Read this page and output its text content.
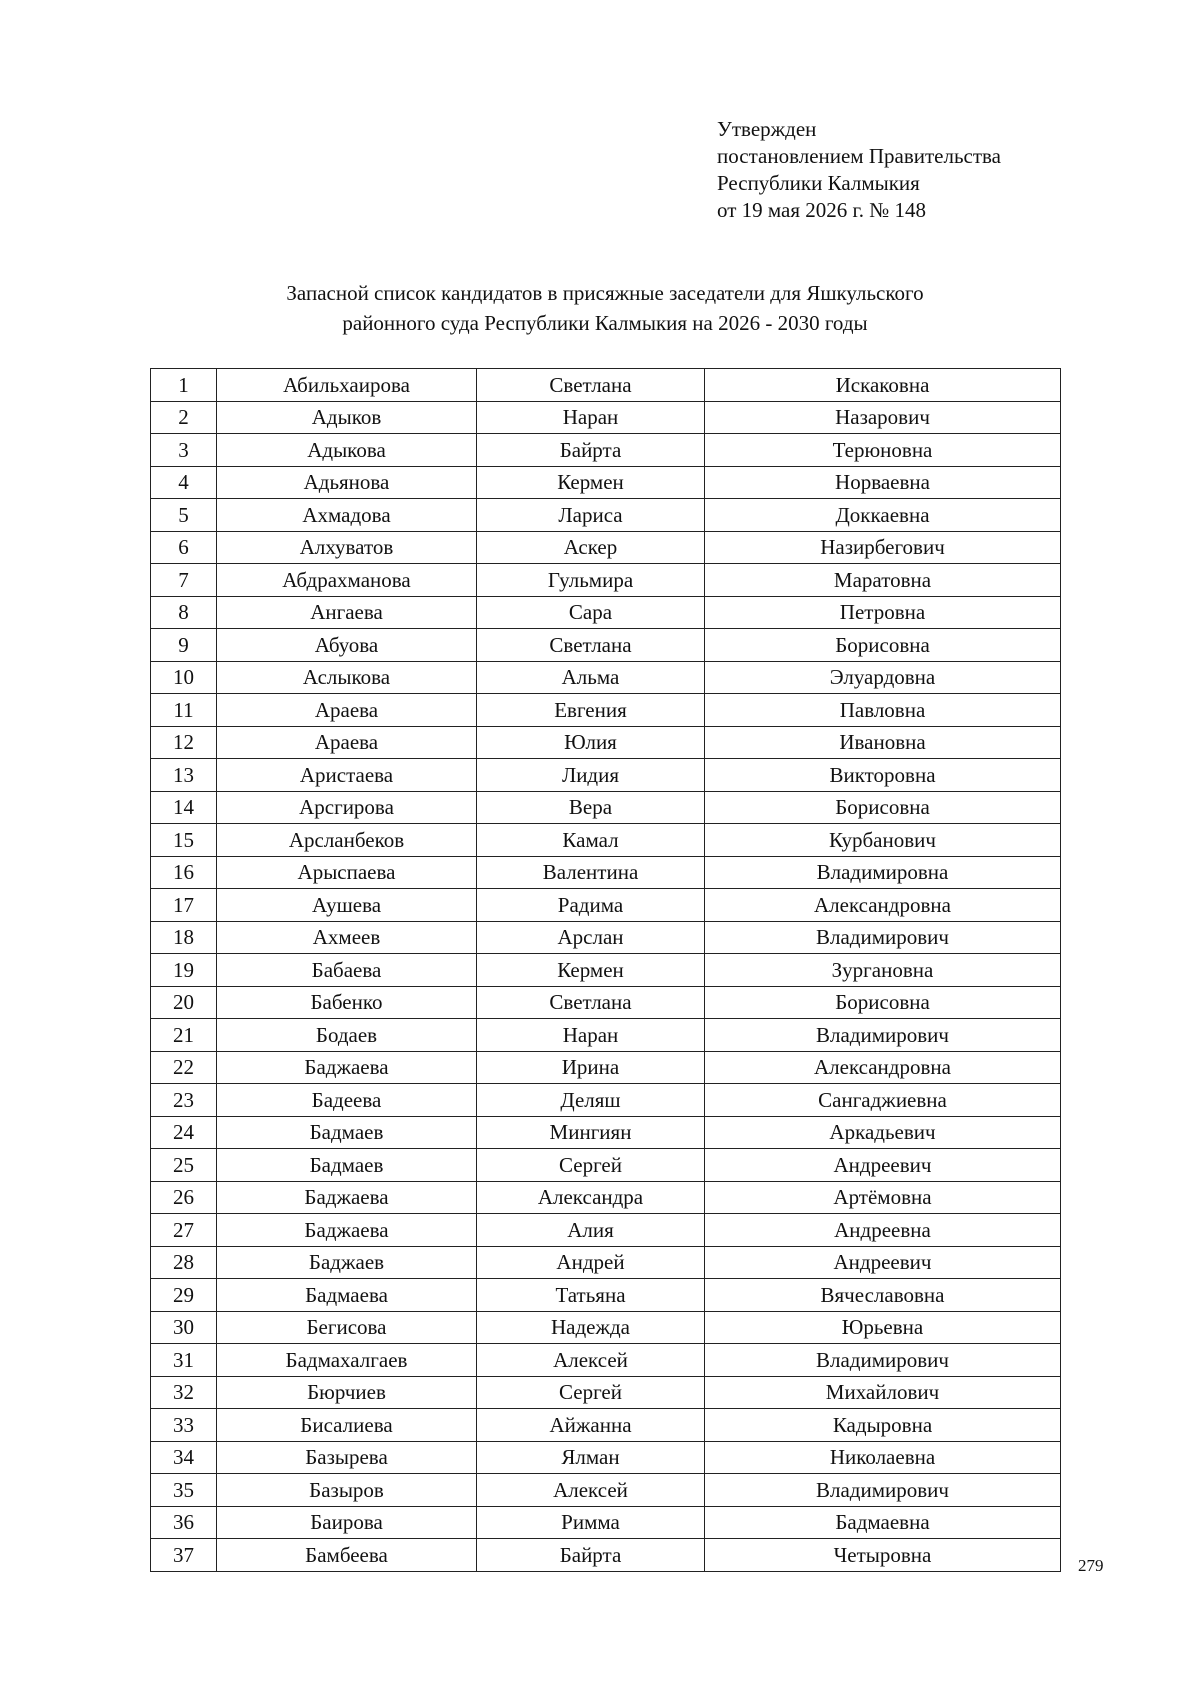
Утвержден
постановлением Правительства
Республики Калмыкия
от 19 мая 2026 г. № 148
Запасной список кандидатов в присяжные заседатели для Яшкульского
районного суда Республики Калмыкия на 2026 - 2030 годы
1	Абильхаирова	Светлана	Искаковна
2	Адыков	Наран	Назарович
3	Адыкова	Байрта	Терюновна
4	Адьянова	Кермен	Норваевна
5	Ахмадова	Лариса	Доккаевна
6	Алхуватов	Аскер	Назирбегович
7	Абдрахманова	Гульмира	Маратовна
8	Ангаева	Сара	Петровна
9	Абуова	Светлана	Борисовна
10	Аслыкова	Альма	Элуардовна
11	Араева	Евгения	Павловна
12	Араева	Юлия	Ивановна
13	Аристаева	Лидия	Викторовна
14	Арсгирова	Вера	Борисовна
15	Арсланбеков	Камал	Курбанович
16	Арыспаева	Валентина	Владимировна
17	Аушева	Радима	Александровна
18	Ахмеев	Арслан	Владимирович
19	Бабаева	Кермен	Зургановна
20	Бабенко	Светлана	Борисовна
21	Бодаев	Наран	Владимирович
22	Баджаева	Ирина	Александровна
23	Бадеева	Деляш	Сангаджиевна
24	Бадмаев	Мингиян	Аркадьевич
25	Бадмаев	Сергей	Андреевич
26	Баджаева	Александра	Артёмовна
27	Баджаева	Алия	Андреевна
28	Баджаев	Андрей	Андреевич
29	Бадмаева	Татьяна	Вячеславовна
30	Бегисова	Надежда	Юрьевна
31	Бадмахалгаев	Алексей	Владимирович
32	Бюрчиев	Сергей	Михайлович
33	Бисалиева	Айжанна	Кадыровна
34	Базырева	Ялман	Николаевна
35	Базыров	Алексей	Владимирович
36	Баирова	Римма	Бадмаевна
37	Бамбеева	Байрта	Четыровна	279
